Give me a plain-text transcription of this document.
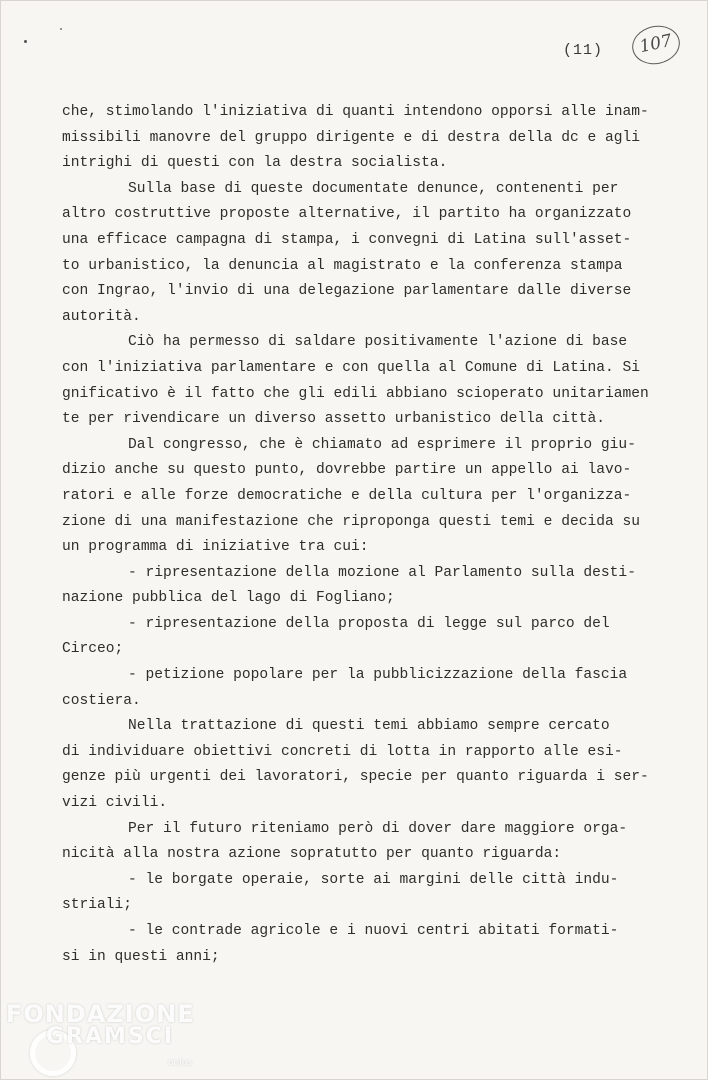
(11)	107
che, stimolando l'iniziativa di quanti intendono opporsi alle inam-
missibili manovre del gruppo dirigente e di destra della dc e agli
intrighi di questi con la destra socialista.
Sulla base di queste documentate denunce, contenenti per
altro costruttive proposte alternative, il partito ha organizzato
una efficace campagna di stampa, i convegni di Latina sull'asset-
to urbanistico, la denuncia al magistrato e la conferenza stampa
con Ingrao, l'invio di una delegazione parlamentare dalle diverse
autorità.
Ciò ha permesso di saldare positivamente l'azione di base
con l'iniziativa parlamentare e con quella al Comune di Latina. Si
gnificativo è il fatto che gli edili abbiano scioperato unitariamen
te per rivendicare un diverso assetto urbanistico della città.
Dal congresso, che è chiamato ad esprimere il proprio giu-
dizio anche su questo punto, dovrebbe partire un appello ai lavo-
ratori e alle forze democratiche e della cultura per l'organizza-
zione di una manifestazione che riproponga questi temi e decida su
un programma di iniziative tra cui:
- ripresentazione della mozione al Parlamento sulla desti-
nazione pubblica del lago di Fogliano;
- ripresentazione della proposta di legge sul parco del
Circeo;
- petizione popolare per la pubblicizzazione della fascia
costiera.
Nella trattazione di questi temi abbiamo sempre cercato
di individuare obiettivi concreti di lotta in rapporto alle esi-
genze più urgenti dei lavoratori, specie per quanto riguarda i ser-
vizi civili.
Per il futuro riteniamo però di dover dare maggiore orga-
nicità alla nostra azione sopratutto per quanto riguarda:
- le borgate operaie, sorte ai margini delle città indu-
striali;
- le contrade agricole e i nuovi centri abitati formati-
si in questi anni;
FONDAZIONE
GRAMSCI
onlus
